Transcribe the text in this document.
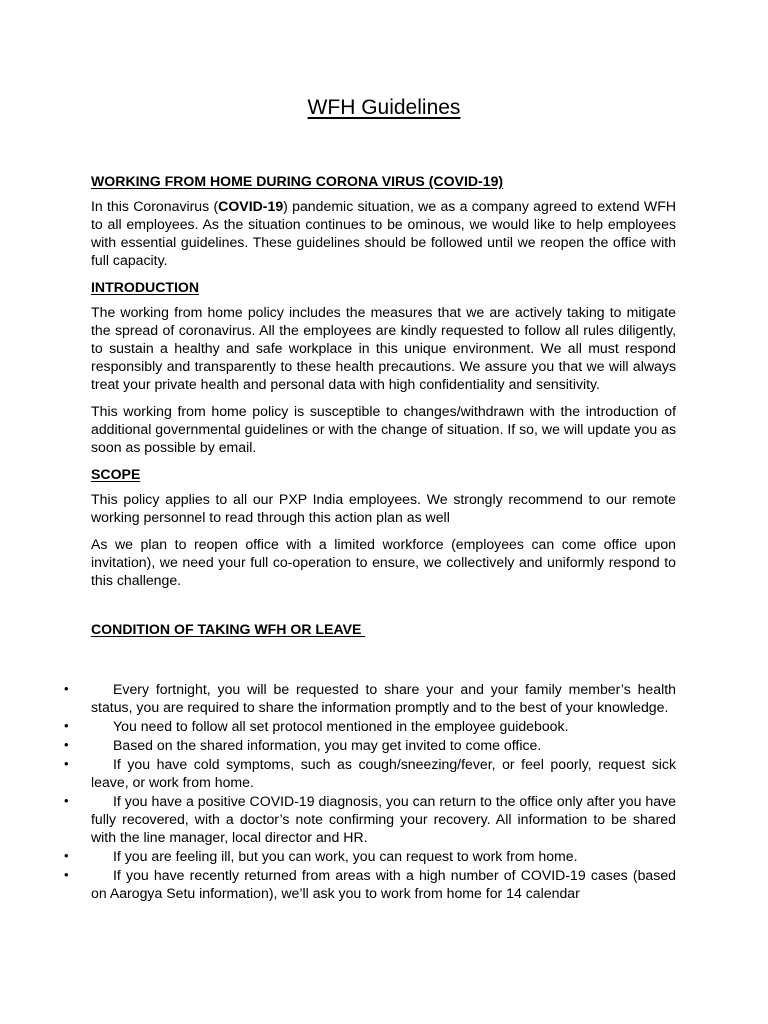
WFH Guidelines
WORKING FROM HOME DURING CORONA VIRUS (COVID-19)

In this Coronavirus (COVID-19) pandemic situation, we as a company agreed to extend WFH to all employees. As the situation continues to be ominous, we would like to help employees with essential guidelines. These guidelines should be followed until we reopen the office with full capacity.

INTRODUCTION

The working from home policy includes the measures that we are actively taking to mitigate the spread of coronavirus. All the employees are kindly requested to follow all rules diligently, to sustain a healthy and safe workplace in this unique environment. We all must respond responsibly and transparently to these health precautions. We assure you that we will always treat your private health and personal data with high confidentiality and sensitivity.

This working from home policy is susceptible to changes/withdrawn with the introduction of additional governmental guidelines or with the change of situation. If so, we will update you as soon as possible by email.

SCOPE

This policy applies to all our PXP India employees. We strongly recommend to our remote working personnel to read through this action plan as well

As we plan to reopen office with a limited workforce (employees can come office upon invitation), we need your full co-operation to ensure, we collectively and uniformly respond to this challenge.

CONDITION OF TAKING WFH OR LEAVE
•	Every fortnight, you will be requested to share your and your family member’s health status, you are required to share the information promptly and to the best of your knowledge.
•	You need to follow all set protocol mentioned in the employee guidebook.
•	Based on the shared information, you may get invited to come office.
•	If you have cold symptoms, such as cough/sneezing/fever, or feel poorly, request sick leave, or work from home.
•	If you have a positive COVID-19 diagnosis, you can return to the office only after you have fully recovered, with a doctor’s note confirming your recovery. All information to be shared with the line manager, local director and HR.
•	If you are feeling ill, but you can work, you can request to work from home.
•	If you have recently returned from areas with a high number of COVID-19 cases (based on Aarogya Setu information), we’ll ask you to work from home for 14 calendar
